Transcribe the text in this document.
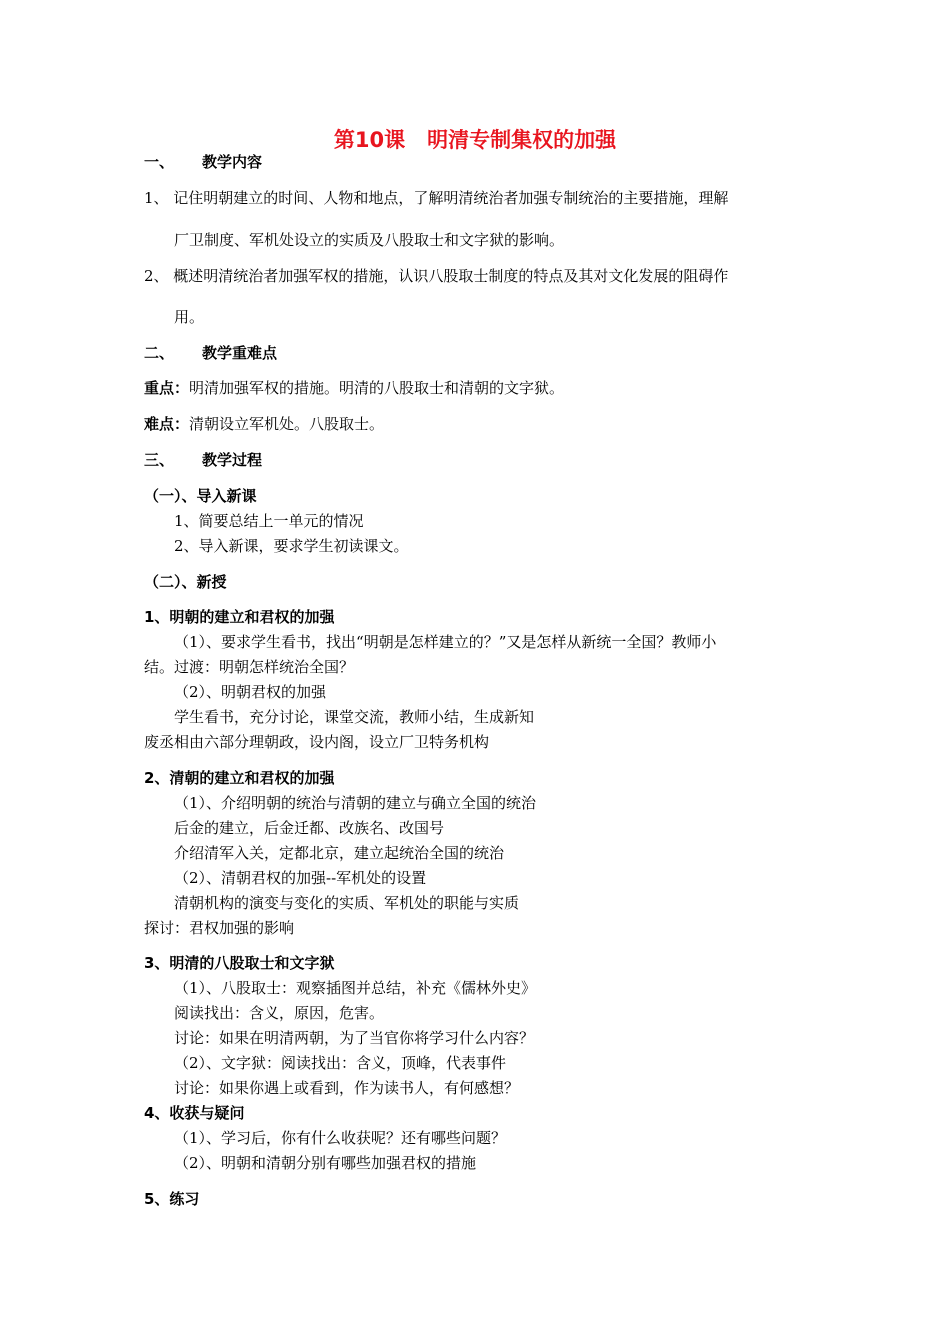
第10课 明清专制集权的加强
一、 教学内容
1、 记住明朝建立的时间、人物和地点，了解明清统治者加强专制统治的主要措施，理解
厂卫制度、军机处设立的实质及八股取士和文字狱的影响。
2、 概述明清统治者加强军权的措施，认识八股取士制度的特点及其对文化发展的阻碍作
用。
二、 教学重难点
重点：明清加强军权的措施。明清的八股取士和清朝的文字狱。
难点：清朝设立军机处。八股取士。
三、 教学过程
（一）、导入新课
1、简要总结上一单元的情况
2、导入新课，要求学生初读课文。
（二）、新授
1、明朝的建立和君权的加强
（1）、要求学生看书，找出“明朝是怎样建立的？”又是怎样从新统一全国？教师小
结。过渡：明朝怎样统治全国？
（2）、明朝君权的加强
学生看书，充分讨论，课堂交流，教师小结，生成新知
废丞相由六部分理朝政，设内阁，设立厂卫特务机构
2、清朝的建立和君权的加强
（1）、介绍明朝的统治与清朝的建立与确立全国的统治
后金的建立，后金迁都、改族名、改国号
介绍清军入关，定都北京，建立起统治全国的统治
（2）、清朝君权的加强--军机处的设置
清朝机构的演变与变化的实质、军机处的职能与实质
探讨：君权加强的影响
3、明清的八股取士和文字狱
（1）、八股取士：观察插图并总结，补充《儒林外史》
阅读找出：含义，原因，危害。
讨论：如果在明清两朝，为了当官你将学习什么内容？
（2）、文字狱：阅读找出：含义，顶峰，代表事件
讨论：如果你遇上或看到，作为读书人，有何感想？
4、收获与疑问
（1）、学习后，你有什么收获呢？还有哪些问题？
（2）、明朝和清朝分别有哪些加强君权的措施
5、练习
